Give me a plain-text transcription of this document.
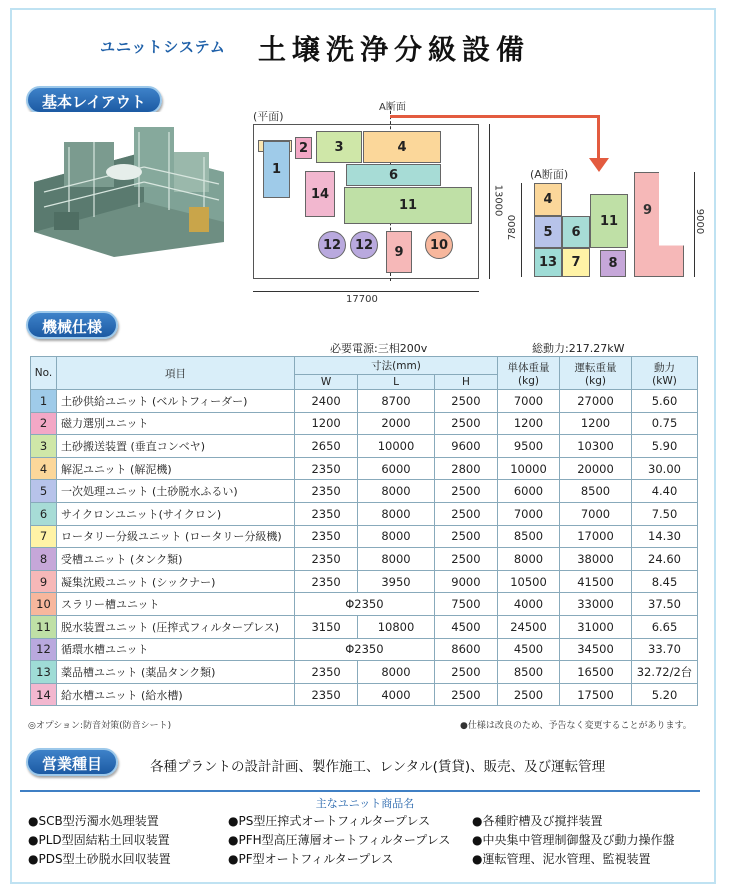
ユニットシステム 土壌洗浄分級設備
基本レイアウト
(平面)
A断面
1
2	3	4
6
11
14
12	12	9	10
17700
13000
(A断面)
4
5	6
11
9
13	7	8
7800	9000
機械仕様
必要電源:三相200v	総動力:217.27kW
No.	項目	寸法(mm)			単体重量
(kg)	運転重量
(kg)	動力
(kW)
		W	L	H			
1	土砂供給ユニット (ベルトフィーダー)	2400	8700	2500	7000	27000	5.60
2	磁力選別ユニット	1200	2000	2500	1200	1200	0.75
3	土砂搬送装置 (垂直コンベヤ)	2650	10000	9600	9500	10300	5.90
4	解泥ユニット (解泥機)	2350	6000	2800	10000	20000	30.00
5	一次処理ユニット (土砂脱水ふるい)	2350	8000	2500	6000	8500	4.40
6	サイクロンユニット(サイクロン)	2350	8000	2500	7000	7000	7.50
7	ロータリー分級ユニット (ロータリー分級機)	2350	8000	2500	8500	17000	14.30
8	受槽ユニット (タンク類)	2350	8000	2500	8000	38000	24.60
9	凝集沈殿ユニット (シックナー)	2350	3950	9000	10500	41500	8.45
10	スラリー槽ユニット	Φ2350		7500	4000	33000	37.50
11	脱水装置ユニット (圧搾式フィルタープレス)	3150	10800	4500	24500	31000	6.65
12	循環水槽ユニット	Φ2350		8600	4500	34500	33.70
13	薬品槽ユニット (薬品タンク類)	2350	8000	2500	8500	16500	32.72/2台
14	給水槽ユニット (給水槽)	2350	4000	2500	2500	17500	5.20
◎オプション:防音対策(防音シート)	●仕様は改良のため、予告なく変更することがあります。
営業種目	各種プラントの設計計画、製作施工、レンタル(賃貸)、販売、及び運転管理
主なユニット商品名
●SCB型汚濁水処理装置
●PLD型固結粘土回収装置
●PDS型土砂脱水回収装置
●PS型圧搾式オートフィルタープレス
●PFH型高圧薄層オートフィルタープレス
●PF型オートフィルタープレス
●各種貯槽及び撹拌装置
●中央集中管理制御盤及び動力操作盤
●運転管理、泥水管理、監視装置
